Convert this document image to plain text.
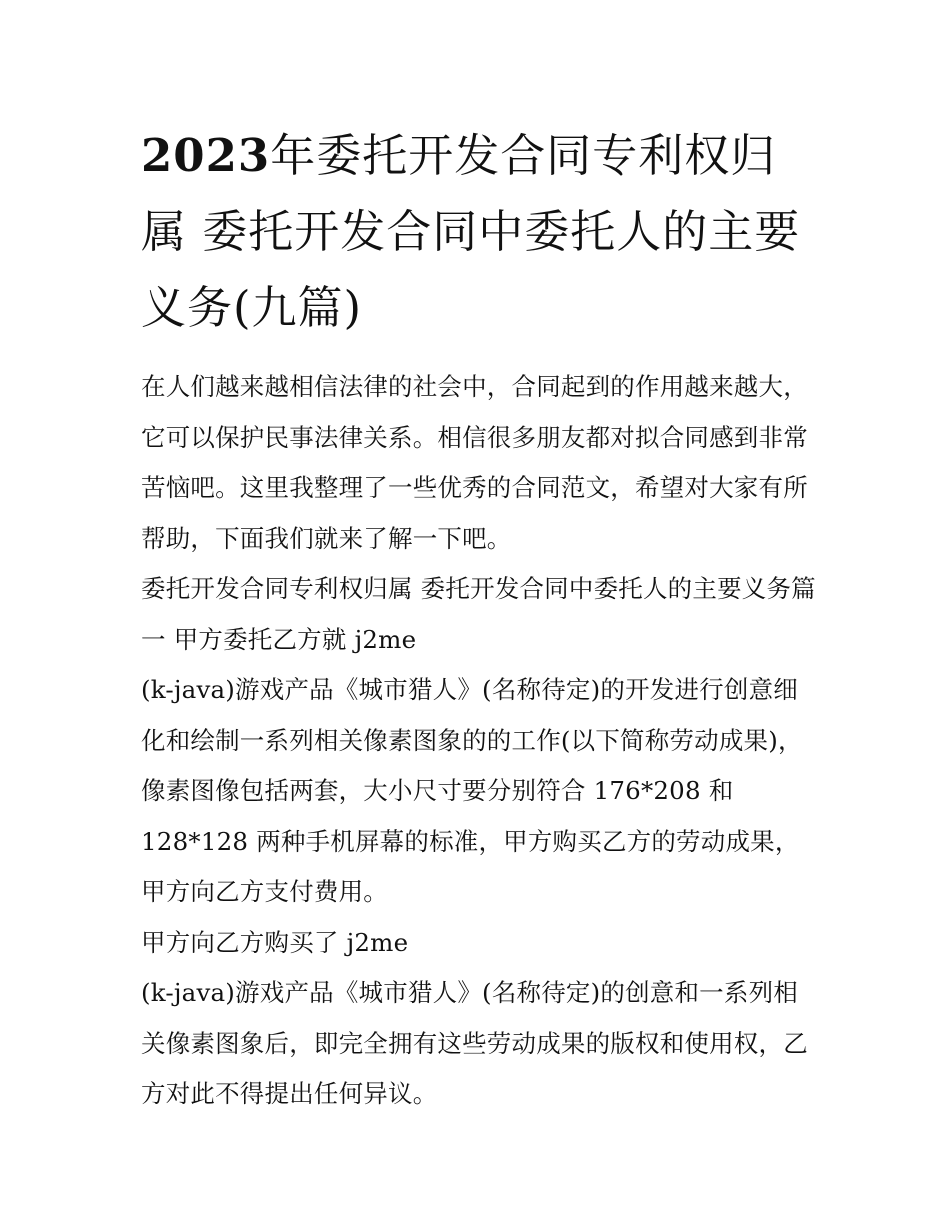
2023年委托开发合同专利权归属 委托开发合同中委托人的主要义务(九篇)

在人们越来越相信法律的社会中，合同起到的作用越来越大，它可以保护民事法律关系。相信很多朋友都对拟合同感到非常苦恼吧。这里我整理了一些优秀的合同范文，希望对大家有所帮助，下面我们就来了解一下吧。

委托开发合同专利权归属 委托开发合同中委托人的主要义务篇一 甲方委托乙方就 j2me

(k-java)游戏产品《城市猎人》(名称待定)的开发进行创意细化和绘制一系列相关像素图象的的工作(以下简称劳动成果)，像素图像包括两套，大小尺寸要分别符合 176*208 和 128*128 两种手机屏幕的标准，甲方购买乙方的劳动成果，甲方向乙方支付费用。

甲方向乙方购买了 j2me

(k-java)游戏产品《城市猎人》(名称待定)的创意和一系列相关像素图象后，即完全拥有这些劳动成果的版权和使用权，乙方对此不得提出任何异议。
